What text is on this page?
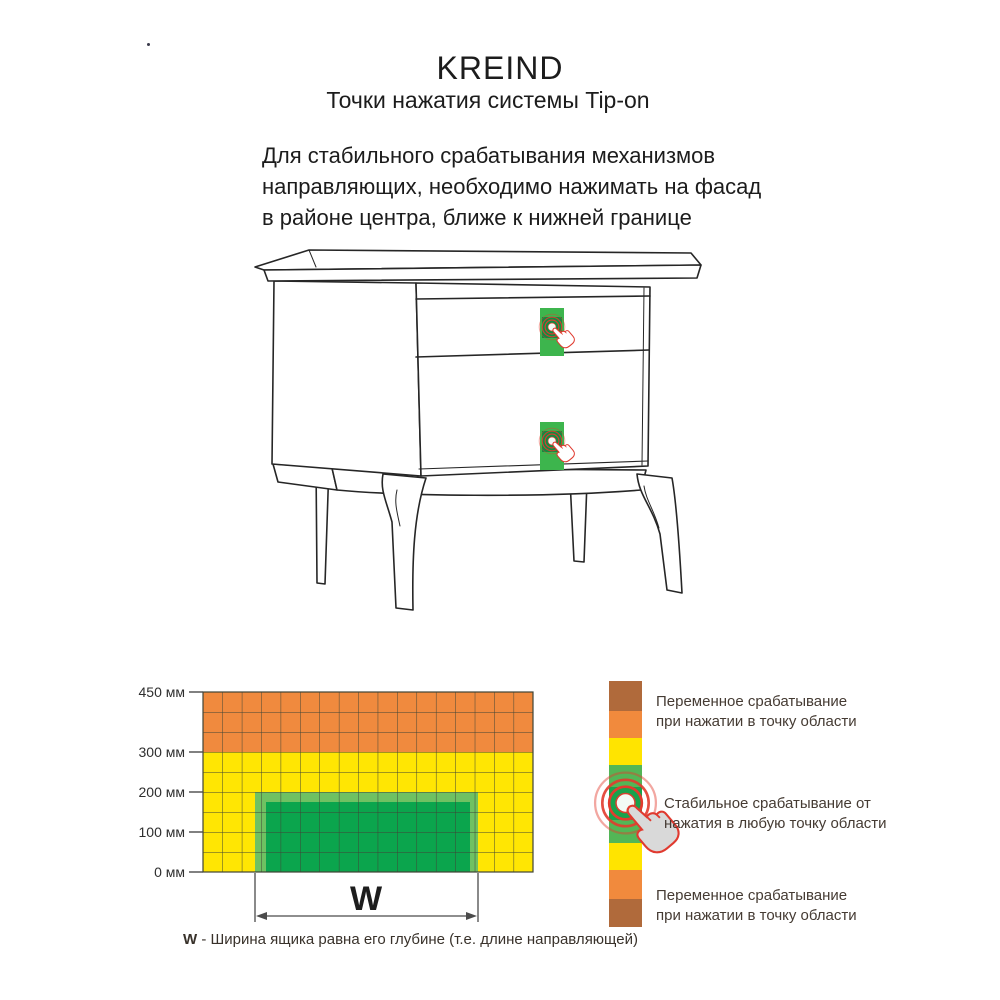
KREIND
Точки нажатия системы Tip-on
Для стабильного срабатывания механизмов
направляющих, необходимо нажимать на фасад
в районе центра, ближе к нижней границе
450 мм
300 мм
200 мм
100 мм
0 мм
W
Переменное срабатывание
при нажатии в точку области
Стабильное срабатывание от
нажатия в любую точку области
Переменное срабатывание
при нажатии в точку области
W - Ширина ящика равна его глубине (т.е. длине направляющей)
